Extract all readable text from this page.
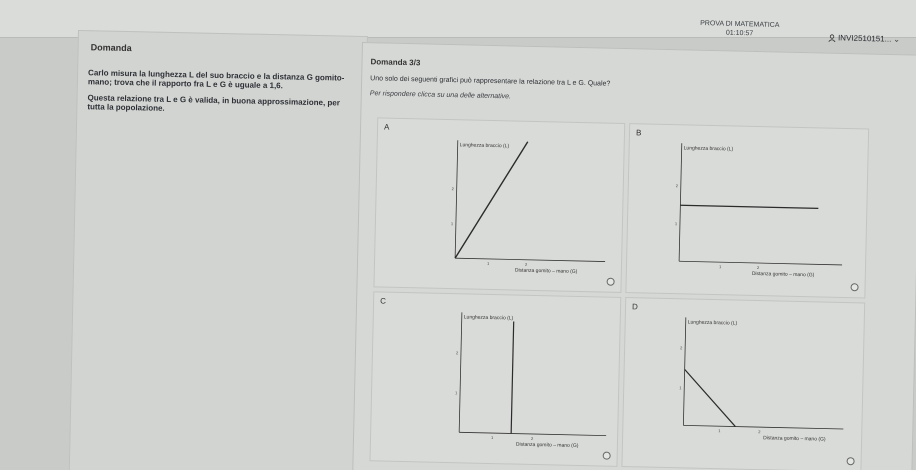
PROVA DI MATEMATICA
01:10:57	INVI2510151... ⌄
Domanda

Carlo misura la lunghezza L del suo braccio e la distanza G gomito-mano; trova che il rapporto fra L e G è uguale a 1,6.

Questa relazione tra L e G è valida, in buona approssimazione, per tutta la popolazione.

Domanda 3/3
Uno solo dei seguenti grafici può rappresentare la relazione tra L e G. Quale?
Per rispondere clicca su una delle alternative.
A
Lunghezza braccio (L)
Distanza gomito – mano (G)
2
1
1	2
B
Lunghezza braccio (L)
Distanza gomito – mano (G)
2
1
1	2
C
Lunghezza braccio (L)
Distanza gomito – mano (G)
2
1
1	2
D
Lunghezza braccio (L)
Distanza gomito – mano (G)
2
1
1	2
